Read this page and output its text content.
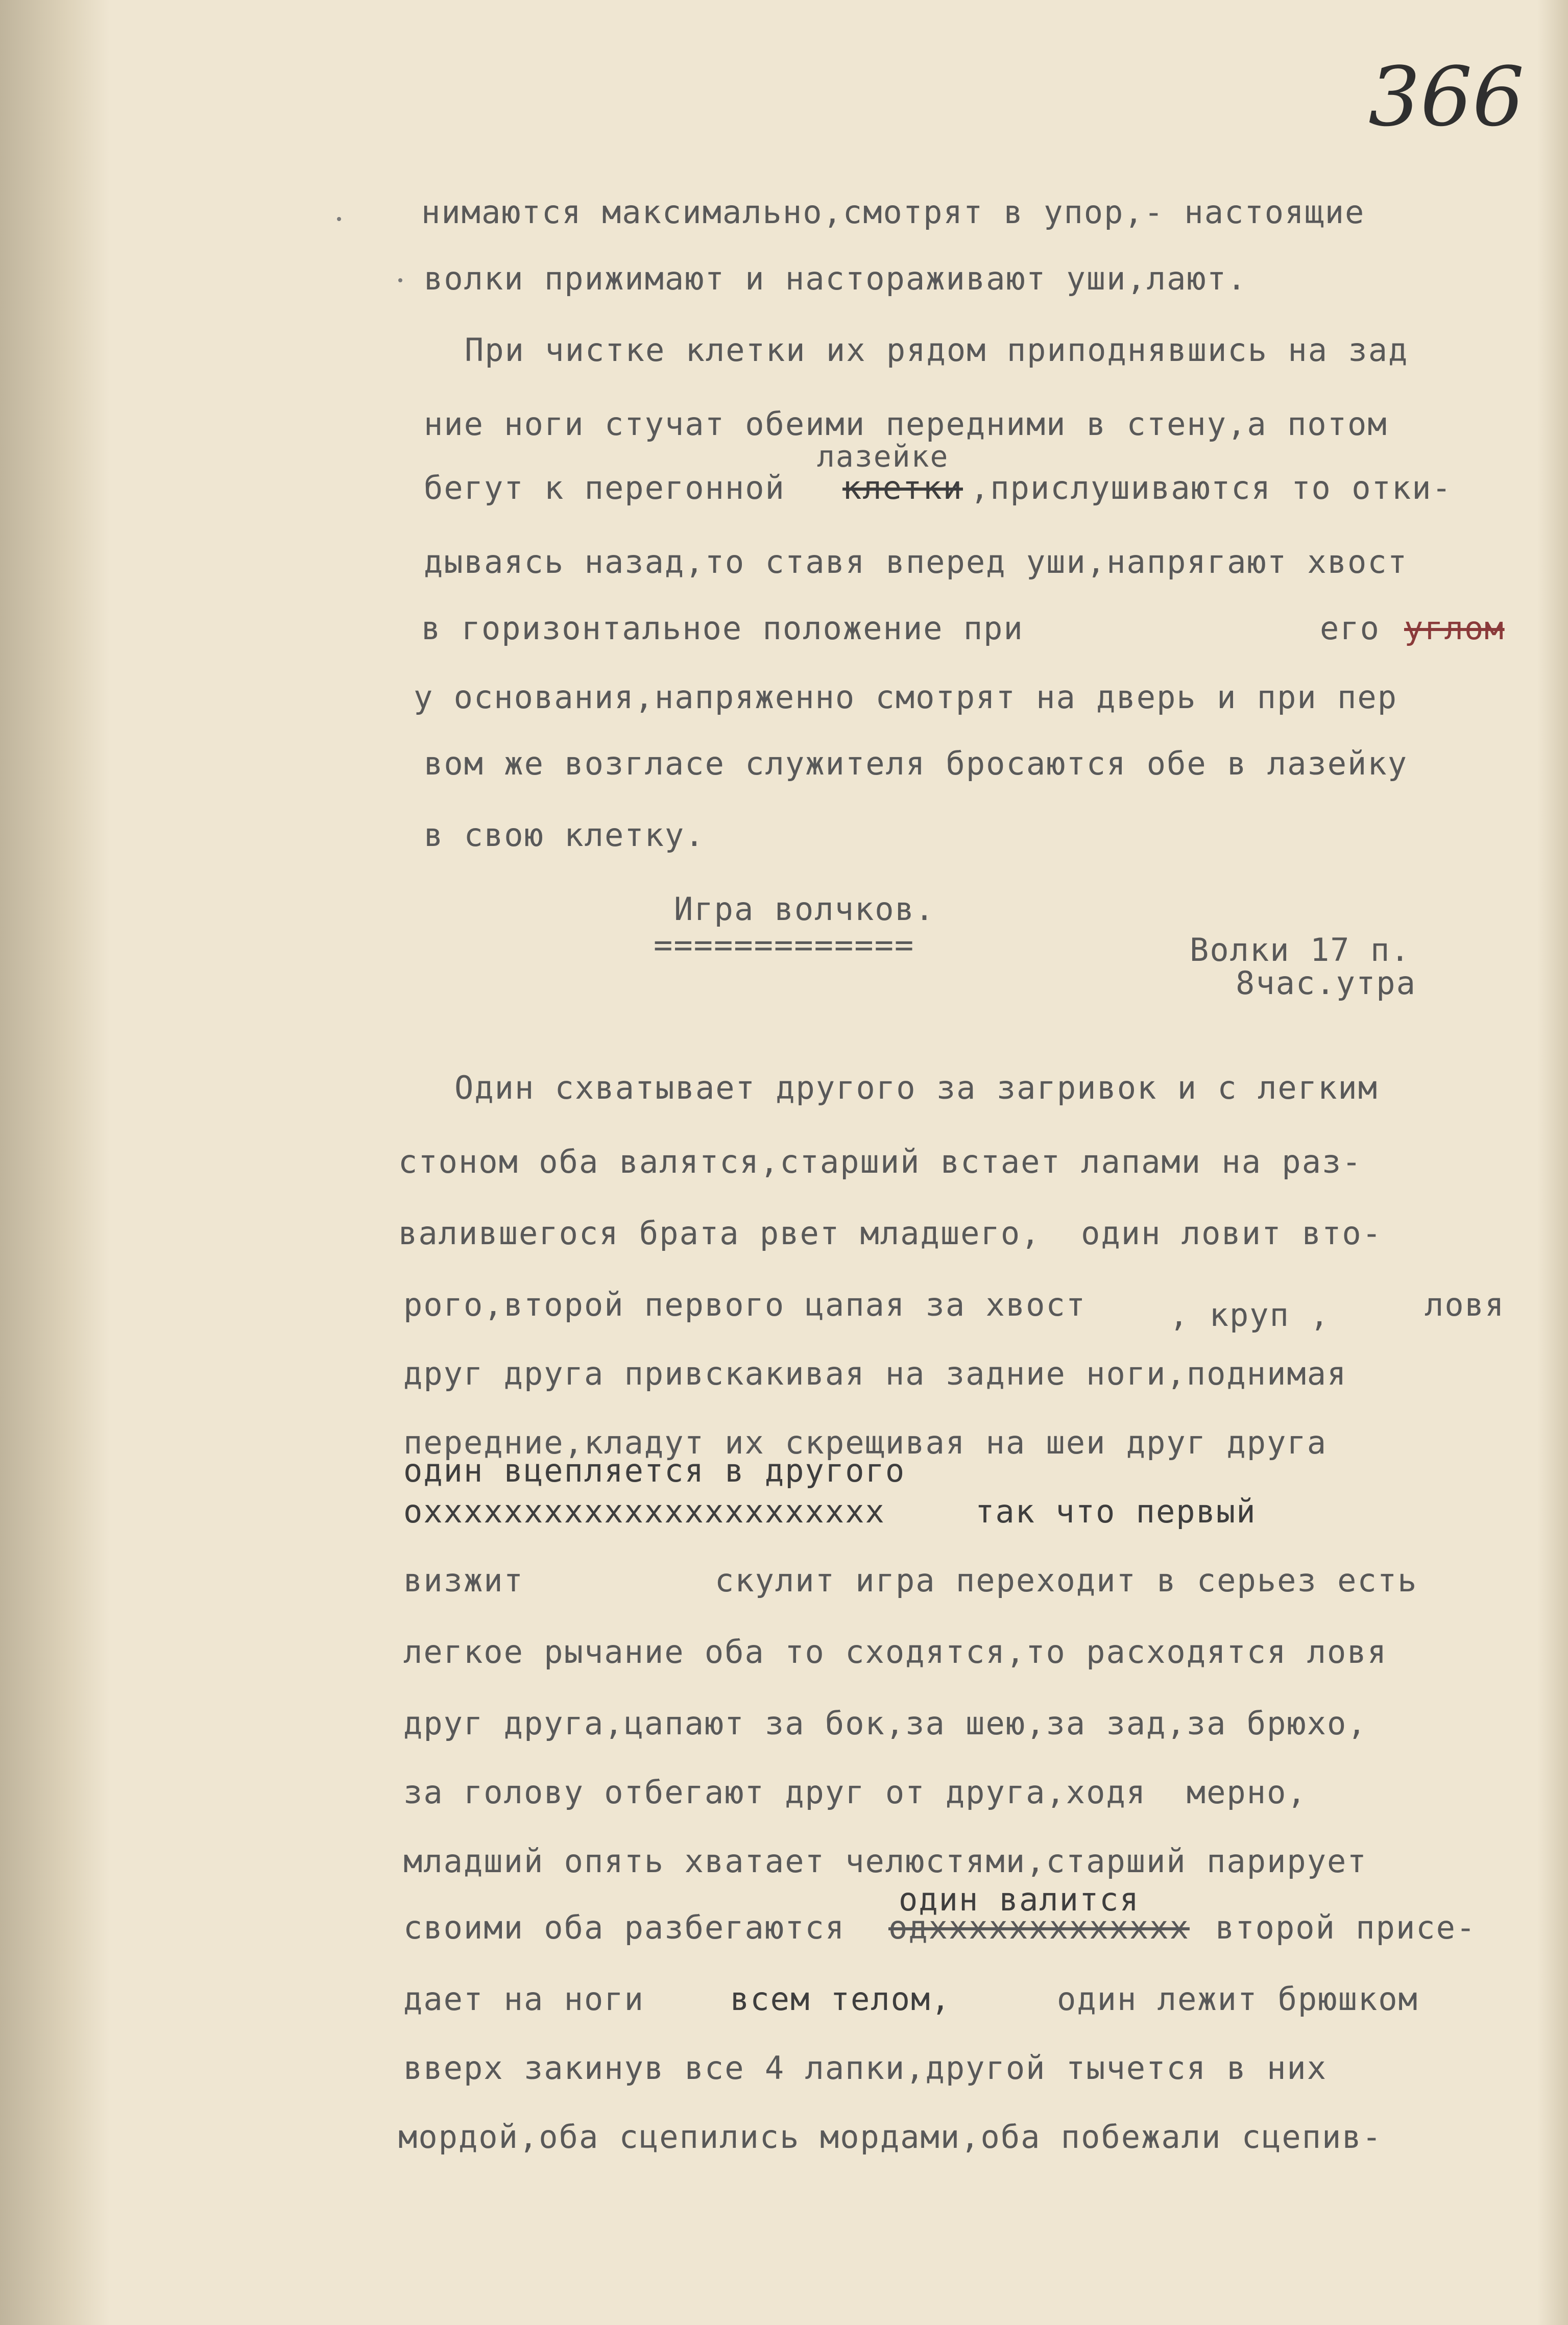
366
нимаются максимально,смотрят в упор,- настоящие
волки прижимают и настораживают уши,лают.
При чистке клетки их рядом приподнявшись на зад
ние ноги стучат обеими передними в стену,а потом
лазейке
бегут к перегонной клетки ,прислушиваются то отки-
дываясь назад,то ставя вперед уши,напрягают хвост
в горизонтальное положение при	его углом
у основания,напряженно смотрят на дверь и при пер
вом же возгласе служителя бросаются обе в лазейку
в свою клетку.
Игра волчков.
=============	Волки 17 п.
8час.утра
Один схватывает другого за загривок и с легким
стоном оба валятся,старший встает лапами на раз-
валившегося брата рвет младшего,  один ловит вто-
рого,второй первого цапая за хвост	, круп ,	ловя
друг друга привскакивая на задние ноги,поднимая
передние,кладут их скрещивая на шеи друг друга
один вцепляется в другого
оххххххххххххххххххххххх	так что первый
визжит	скулит игра переходит в серьез есть
легкое рычание оба то сходятся,то расходятся ловя
друг друга,цапают за бок,за шею,за зад,за брюхо,
за голову отбегают друг от друга,ходя  мерно,
младший опять хватает челюстями,старший парирует
один валится
своими оба разбегаются одххххххххххххх второй присе-
дает на ноги	всем телом,	один лежит брюшком
вверх закинув все 4 лапки,другой тычется в них
мордой,оба сцепились мордами,оба побежали сцепив-
